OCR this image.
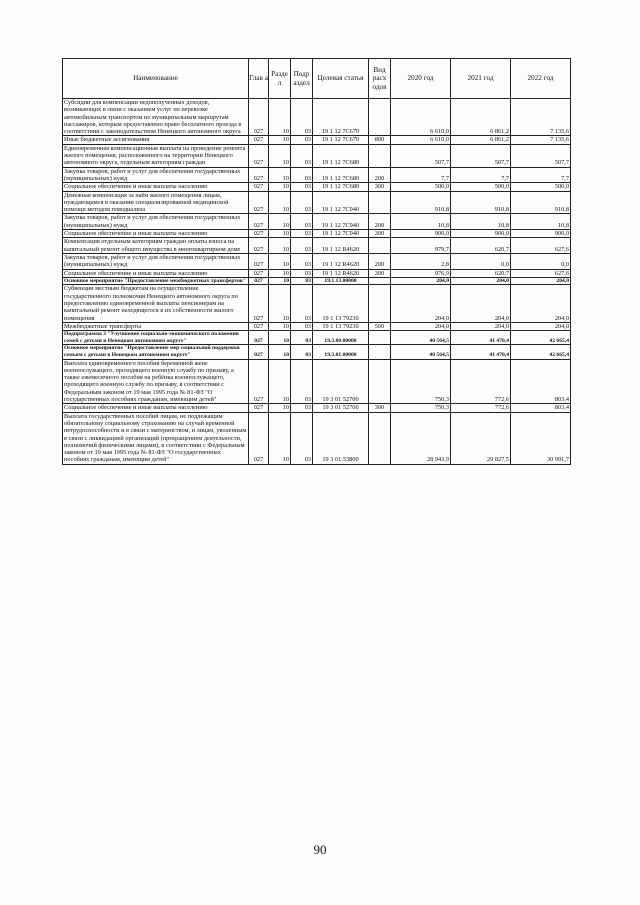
Наименование	Глав а	Разде л	Подр аздел	Целевая статья	Вид расх одов	2020 год	2021 год	2022 год
Субсидии для компенсации недополученных доходов, возникающих в связи с оказанием услуг по перевозке автомобильным транспортом по муниципальным маршрутам пассажиров, которым предоставлено право бесплатного проезда в соответствии с законодательством Ненецкого автономного округа	027	10	03	19 1 12 7С670		6 610,0	6 861,2	7 135,6
Иные бюджетные ассигнования	027	10	03	19 1 12 7С670	800	6 610,0	6 861,2	7 135,6
Единовременная компенсационная выплата на проведение ремонта жилого помещения, расположенного на территории Ненецкого автономного округа, отдельным категориям граждан	027	10	03	19 1 12 7С680		507,7	507,7	507,7
Закупка товаров, работ и услуг для обеспечения государственных (муниципальных) нужд	027	10	03	19 1 12 7С680	200	7,7	7,7	7,7
Социальное обеспечение и иные выплаты населению	027	10	03	19 1 12 7С680	300	500,0	500,0	500,0
Денежная компенсация за наём жилого помещения лицам, нуждающимся в оказании специализированной медицинской помощи методом гемодиализа	027	10	03	19 1 12 7С940		910,8	910,8	910,8
Закупка товаров, работ и услуг для обеспечения государственных (муниципальных) нужд	027	10	03	19 1 12 7С940	200	10,8	10,8	10,8
Социальное обеспечение и иные выплаты населению	027	10	03	19 1 12 7С940	300	900,0	900,0	900,0
Компенсация отдельным категориям граждан оплаты взноса на капитальный ремонт общего имущества в многоквартирном доме	027	10	03	19 1 12 R4620		979,7	620,7	627,6
Закупка товаров, работ и услуг для обеспечения государственных (муниципальных) нужд	027	10	03	19 1 12 R4620	200	2,8	0,0	0,0
Социальное обеспечение и иные выплаты населению	027	10	03	19 1 12 R4620	300	976,9	620,7	627,6
Основное мероприятие "Предоставление межбюджетных трансфертов"	027	10	03	19.1.13.00000		204,0	204,0	204,0
Субвенции местным бюджетам на осуществление государственного полномочия Ненецкого автономного округа по предоставлению единовременной выплаты пенсионерам на капитальный ремонт находящегося в их собственности жилого помещения	027	10	03	19 1 13 79230		204,0	204,0	204,0
Межбюджетные трансферты	027	10	03	19 1 13 79230	500	204,0	204,0	204,0
Подпрограмма 3 "Улучшение социально-экономического положения семей с детьми в Ненецком автономном округе"	027	10	03	19.3.00.00000		40 564,5	41 470,4	42 665,4
Основное мероприятие "Предоставление мер социальной поддержки семьям с детьми в Ненецком автономном округе"	027	10	03	19.3.01.00000		40 564,5	41 470,4	42 665,4
Выплата единовременного пособия беременной жене военнослужащего, проходящего военную службу по призыву, а также ежемесячного пособия на ребёнка военнослужащего, проходящего военную службу по призыву, в соответствии с Федеральным законом от 19 мая 1995 года № 81-ФЗ "О государственных пособиях гражданам, имеющим детей"	027	10	03	19 3 01 52700		750,3	772,6	803,4
Социальное обеспечение и иные выплаты населению	027	10	03	19 3 01 52700	300	750,3	772,6	803,4
Выплата государственных пособий лицам, не подлежащим обязательному социальному страхованию на случай временной нетрудоспособности и в связи с материнством, и лицам, уволенным в связи с ликвидацией организаций (прекращением деятельности, полномочий физическими лицами), в соответствии с Федеральным законом от 19 мая 1995 года № 81-ФЗ "О государственных пособиях гражданам, имеющим детей"	027	10	03	19 3 01.53800		28 943,9	29 827,5	30 991,7
90
